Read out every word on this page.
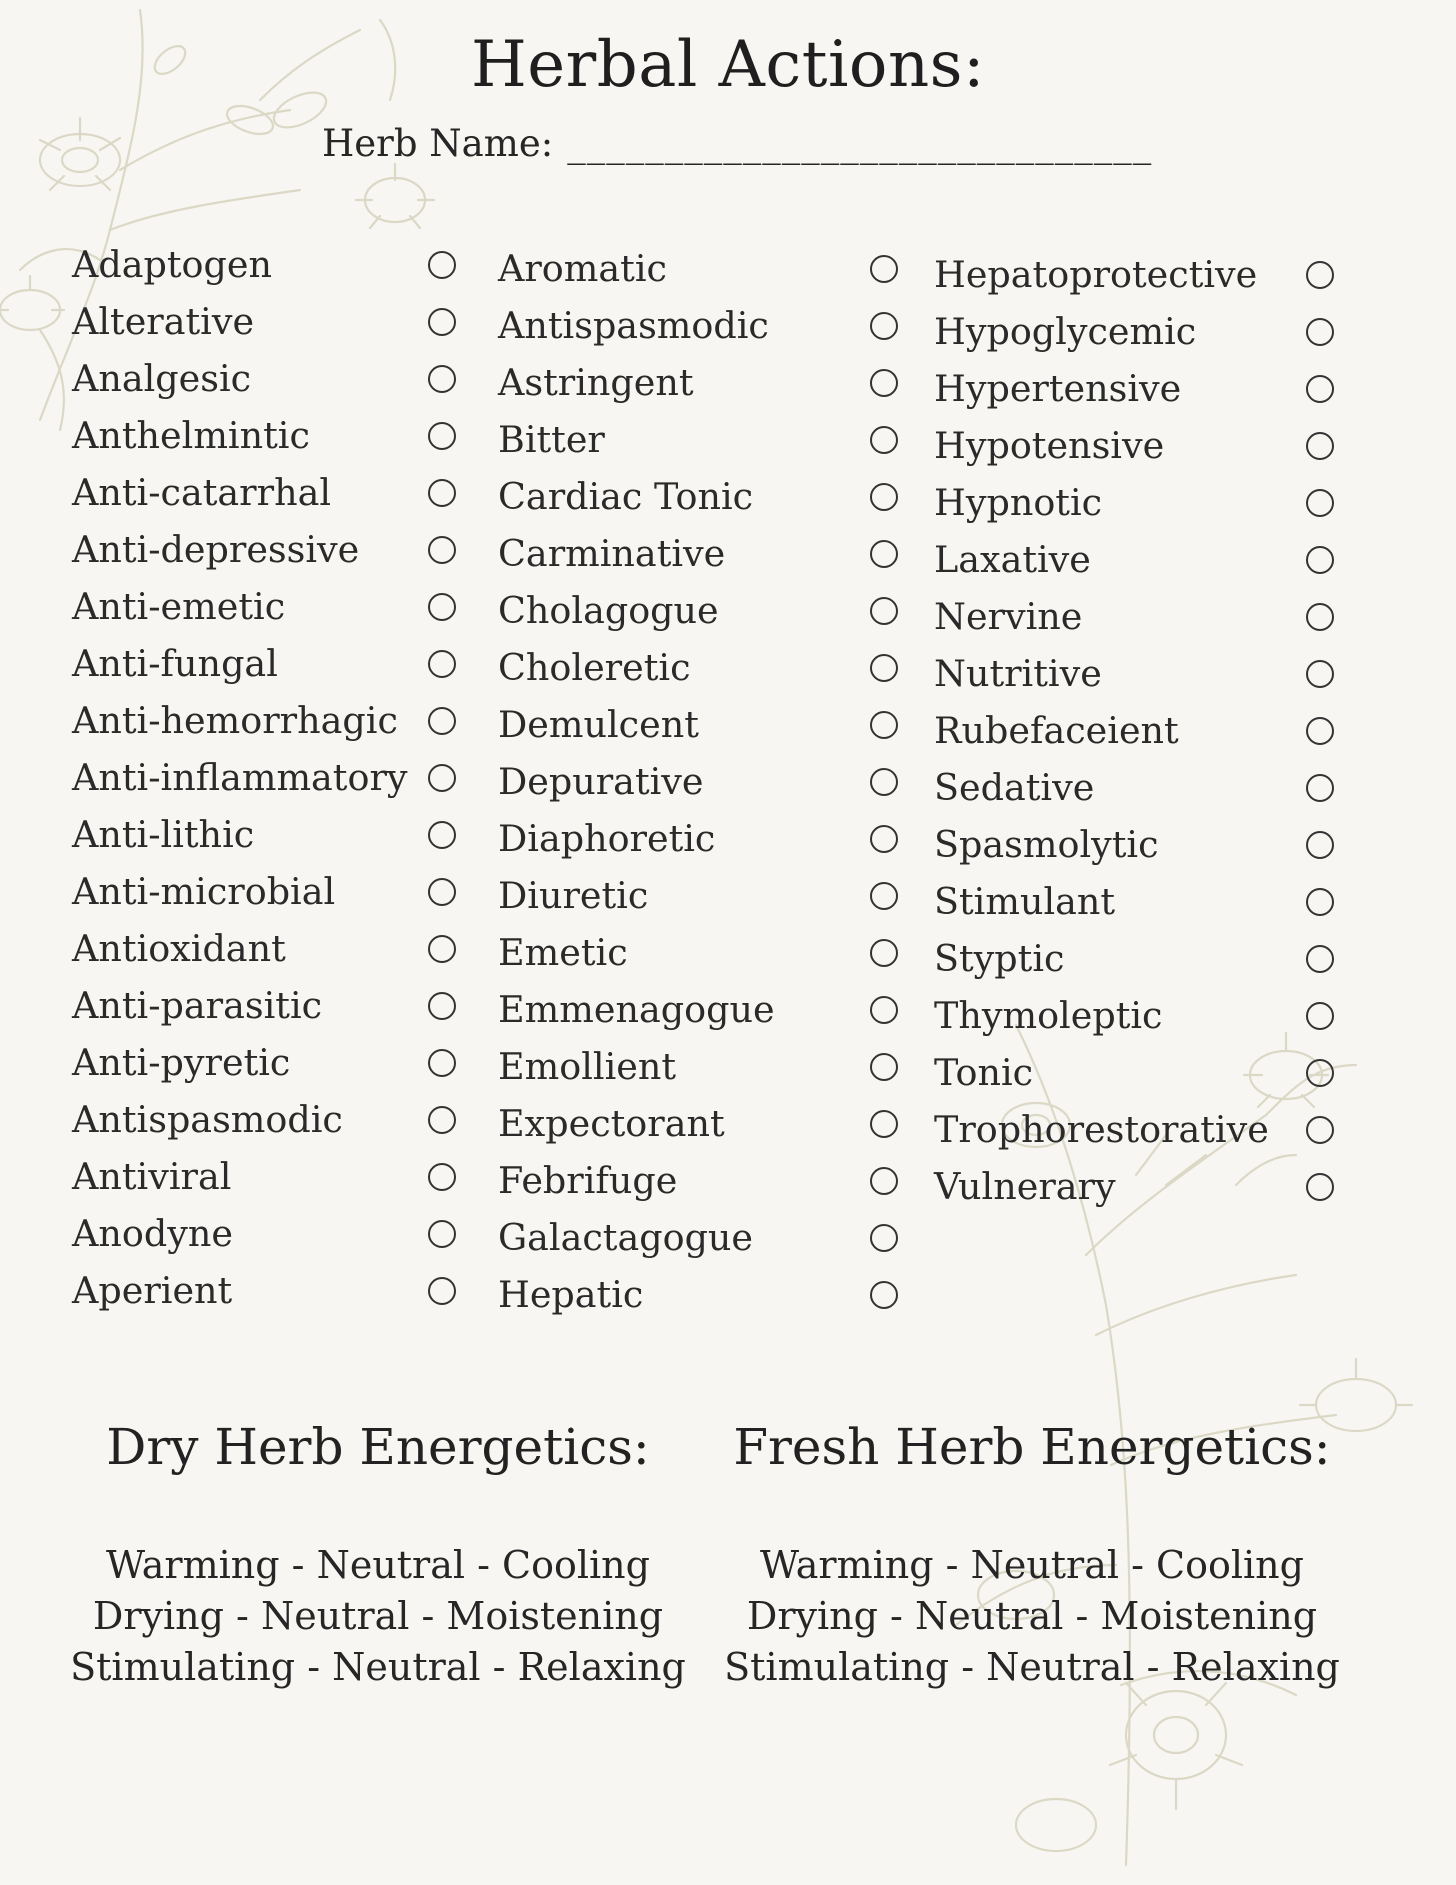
Herbal Actions:
Herb Name: ______________________________
Adaptogen
Alterative
Analgesic
Anthelmintic
Anti-catarrhal
Anti-depressive
Anti-emetic
Anti-fungal
Anti-hemorrhagic
Anti-inflammatory
Anti-lithic
Anti-microbial
Antioxidant
Anti-parasitic
Anti-pyretic
Antispasmodic
Antiviral
Anodyne
Aperient
Aromatic
Antispasmodic
Astringent
Bitter
Cardiac Tonic
Carminative
Cholagogue
Choleretic
Demulcent
Depurative
Diaphoretic
Diuretic
Emetic
Emmenagogue
Emollient
Expectorant
Febrifuge
Galactagogue
Hepatic
Hepatoprotective
Hypoglycemic
Hypertensive
Hypotensive
Hypnotic
Laxative
Nervine
Nutritive
Rubefaceient
Sedative
Spasmolytic
Stimulant
Styptic
Thymoleptic
Tonic
Trophorestorative
Vulnerary
Dry Herb Energetics:
Warming - Neutral - Cooling
Drying - Neutral - Moistening
Stimulating - Neutral - Relaxing
Fresh Herb Energetics:
Warming - Neutral - Cooling
Drying - Neutral - Moistening
Stimulating - Neutral - Relaxing
